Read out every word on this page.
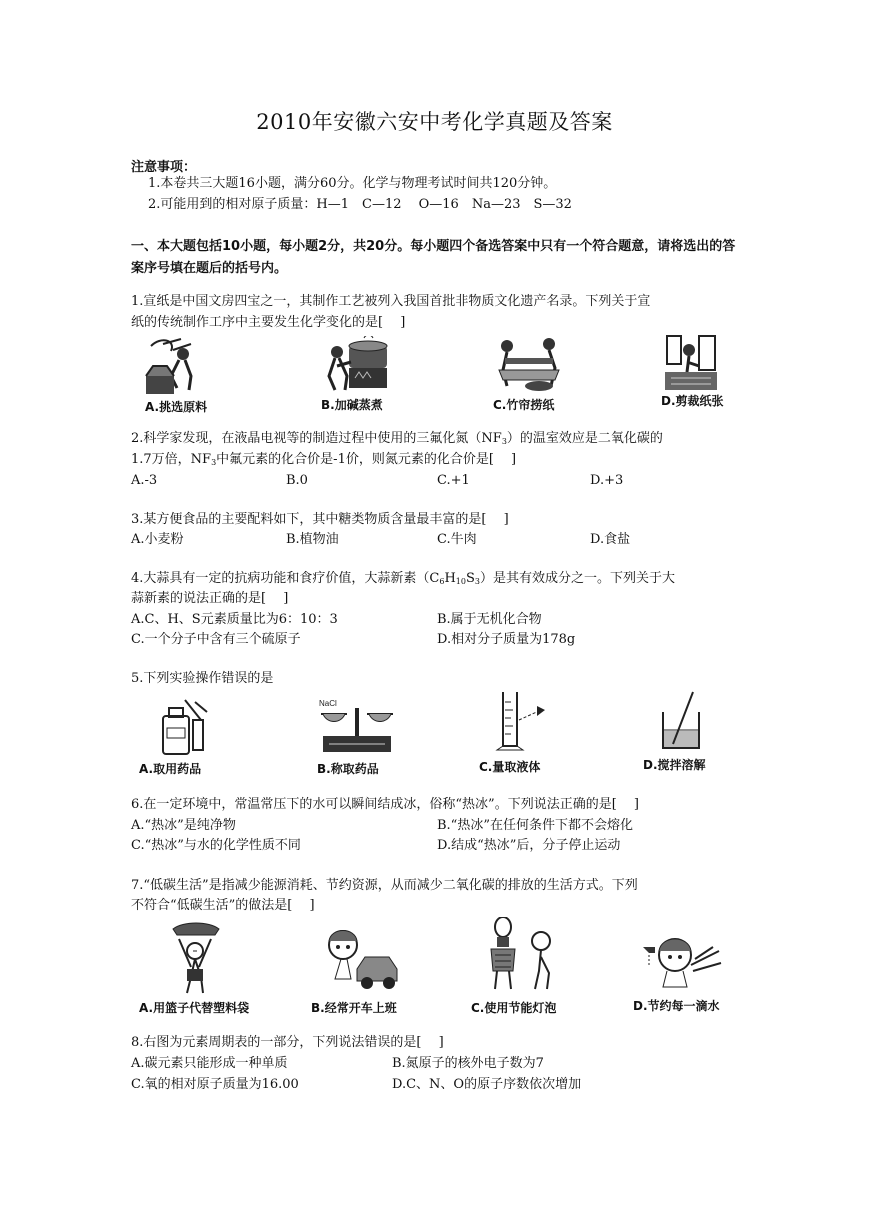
2010年安徽六安中考化学真题及答案
注意事项：
1.本卷共三大题16小题，满分60分。化学与物理考试时间共120分钟。
2.可能用到的相对原子质量：H—1　C—12　 O—16　Na—23　S—32
一、本大题包括10小题，每小题2分，共20分。每小题四个备选答案中只有一个符合题意，请将选出的答案序号填在题后的括号内。
1.宣纸是中国文房四宝之一，其制作工艺被列入我国首批非物质文化遗产名录。下列关于宣
纸的传统制作工序中主要发生化学变化的是[　 ]
A.挑选原料	B.加碱蒸煮	C.竹帘捞纸	D.剪裁纸张
2.科学家发现，在液晶电视等的制造过程中使用的三氟化氮$(NF_3)$的温室效应是二氧化碳的
1.7万倍，$NF_3$中氟元素的化合价是-1价，则氮元素的化合价是[　 ]
A.-3	B.0	C.+1	D.+3
3.某方便食品的主要配料如下，其中糖类物质含量最丰富的是[　 ]
A.小麦粉	B.植物油	C.牛肉	D.食盐
4.大蒜具有一定的抗病功能和食疗价值，大蒜新素$(C_6H_{10}S_3)$是其有效成分之一。下列关于大
蒜新素的说法正确的是[　 ]
A.C、H、S元素质量比为6：10：3	B.属于无机化合物
C.一个分子中含有三个硫原子	D.相对分子质量为178g
5.下列实验操作错误的是
NaCl
A.取用药品	B.称取药品	C.量取液体	D.搅拌溶解
6.在一定环境中，常温常压下的水可以瞬间结成冰，俗称“热冰”。下列说法正确的是[　 ]
A.“热冰”是纯净物	B.“热冰”在任何条件下都不会熔化
C.“热冰”与水的化学性质不同	D.结成“热冰”后，分子停止运动
7.“低碳生活”是指减少能源消耗、节约资源，从而减少二氧化碳的排放的生活方式。下列
不符合“低碳生活”的做法是[　 ]
A.用篮子代替塑料袋	B.经常开车上班	C.使用节能灯泡	D.节约每一滴水
8.右图为元素周期表的一部分，下列说法错误的是[　 ]
A.碳元素只能形成一种单质	B.氮原子的核外电子数为7
C.氧的相对原子质量为16.00	D.C、N、O的原子序数依次增加
